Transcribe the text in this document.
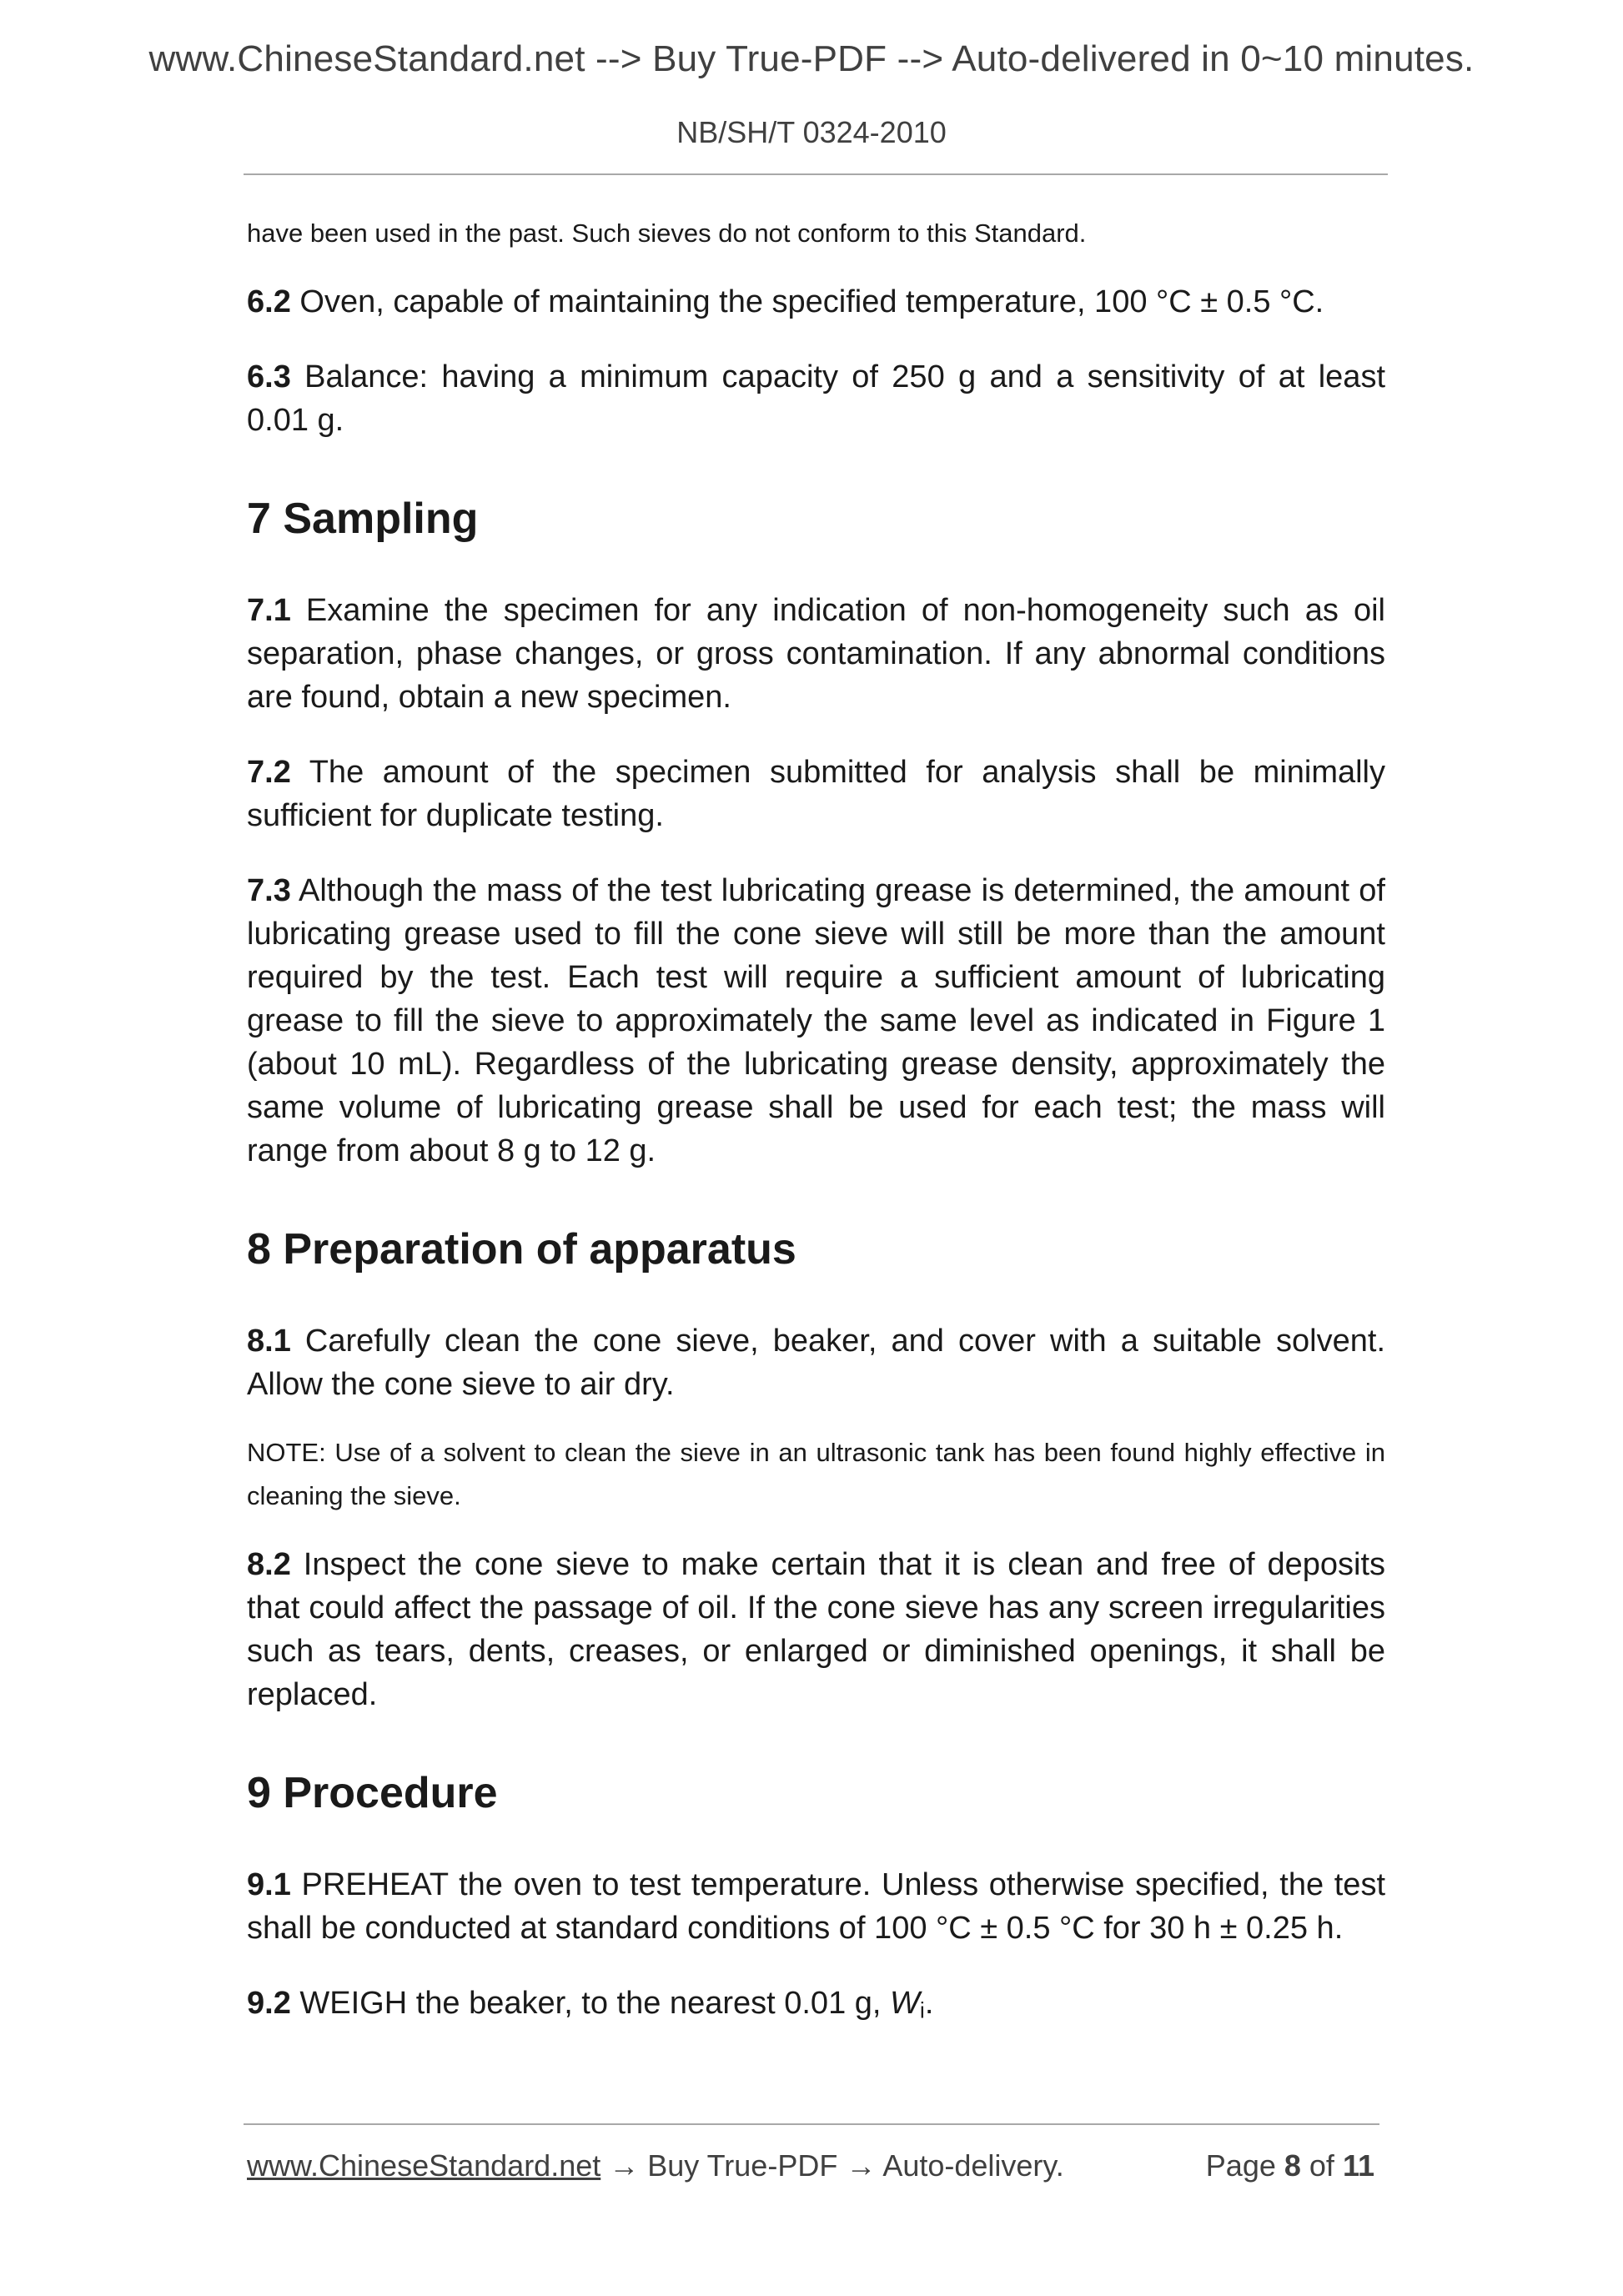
www.ChineseStandard.net --> Buy True-PDF --> Auto-delivered in 0~10 minutes.
NB/SH/T 0324-2010

have been used in the past. Such sieves do not conform to this Standard.

6.2 Oven, capable of maintaining the specified temperature, 100 °C ± 0.5 °C.

6.3 Balance: having a minimum capacity of 250 g and a sensitivity of at least 0.01 g.

7 Sampling

7.1 Examine the specimen for any indication of non-homogeneity such as oil separation, phase changes, or gross contamination. If any abnormal conditions are found, obtain a new specimen.

7.2 The amount of the specimen submitted for analysis shall be minimally sufficient for duplicate testing.

7.3 Although the mass of the test lubricating grease is determined, the amount of lubricating grease used to fill the cone sieve will still be more than the amount required by the test. Each test will require a sufficient amount of lubricating grease to fill the sieve to approximately the same level as indicated in Figure 1 (about 10 mL). Regardless of the lubricating grease density, approximately the same volume of lubricating grease shall be used for each test; the mass will range from about 8 g to 12 g.

8 Preparation of apparatus

8.1 Carefully clean the cone sieve, beaker, and cover with a suitable solvent. Allow the cone sieve to air dry.

NOTE: Use of a solvent to clean the sieve in an ultrasonic tank has been found highly effective in cleaning the sieve.

8.2 Inspect the cone sieve to make certain that it is clean and free of deposits that could affect the passage of oil. If the cone sieve has any screen irregularities such as tears, dents, creases, or enlarged or diminished openings, it shall be replaced.

9 Procedure

9.1 PREHEAT the oven to test temperature. Unless otherwise specified, the test shall be conducted at standard conditions of 100 °C ± 0.5 °C for 30 h ± 0.25 h.

9.2 WEIGH the beaker, to the nearest 0.01 g, $W_i$.

www.ChineseStandard.net → Buy True-PDF → Auto-delivery.	Page 8 of 11
